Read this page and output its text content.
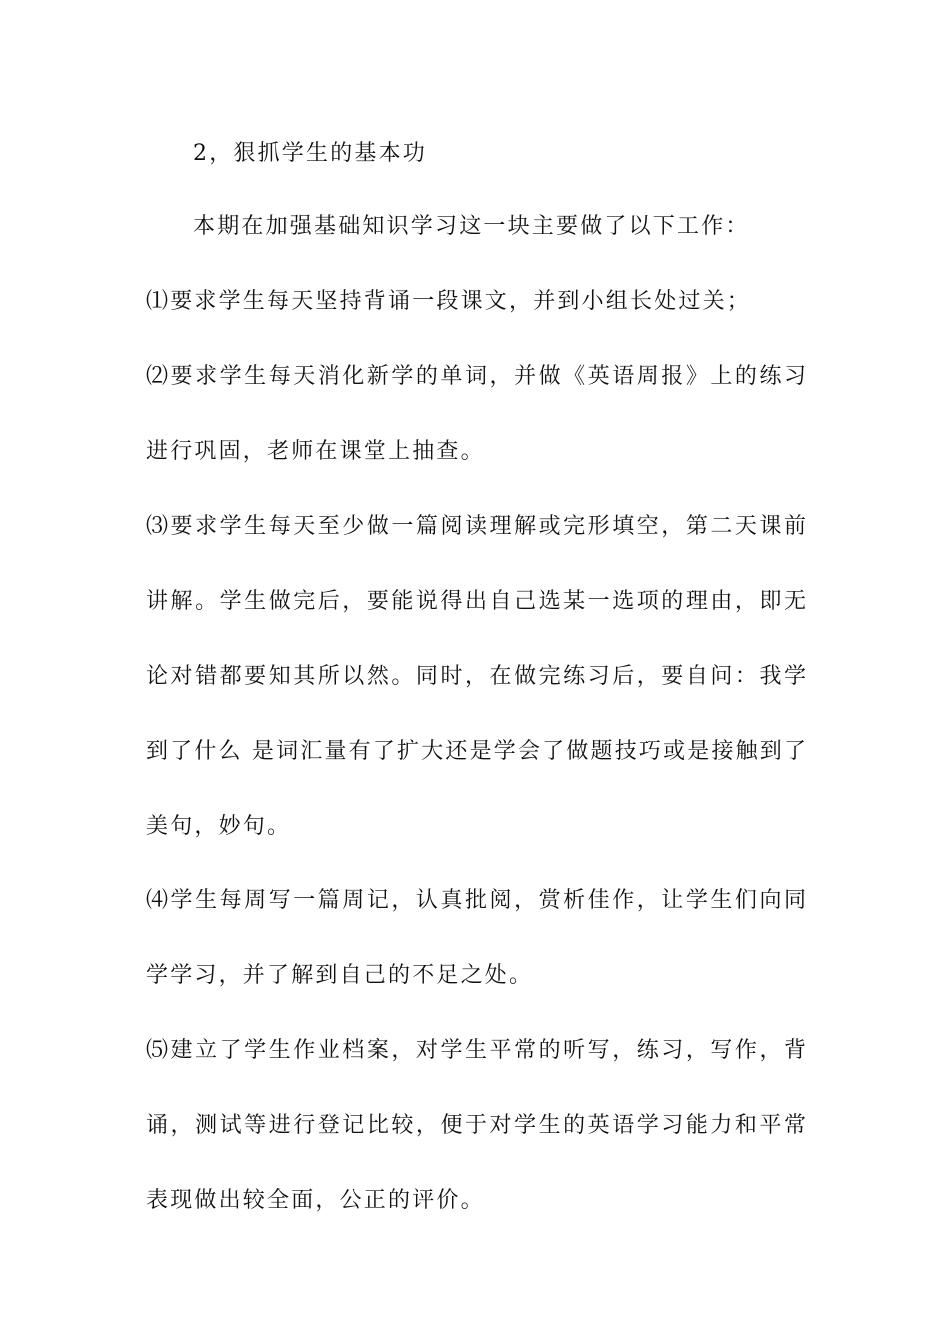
2，狠抓学生的基本功
本期在加强基础知识学习这一块主要做了以下工作：
⑴要求学生每天坚持背诵一段课文，并到小组长处过关；
⑵要求学生每天消化新学的单词，并做《英语周报》上的练习
进行巩固，老师在课堂上抽查。
⑶要求学生每天至少做一篇阅读理解或完形填空，第二天课前
讲解。学生做完后，要能说得出自己选某一选项的理由，即无
论对错都要知其所以然。同时，在做完练习后，要自问：我学
到了什么 是词汇量有了扩大还是学会了做题技巧或是接触到了
美句，妙句。
⑷学生每周写一篇周记，认真批阅，赏析佳作，让学生们向同
学学习，并了解到自己的不足之处。
⑸建立了学生作业档案，对学生平常的听写，练习，写作，背
诵，测试等进行登记比较，便于对学生的英语学习能力和平常
表现做出较全面，公正的评价。
